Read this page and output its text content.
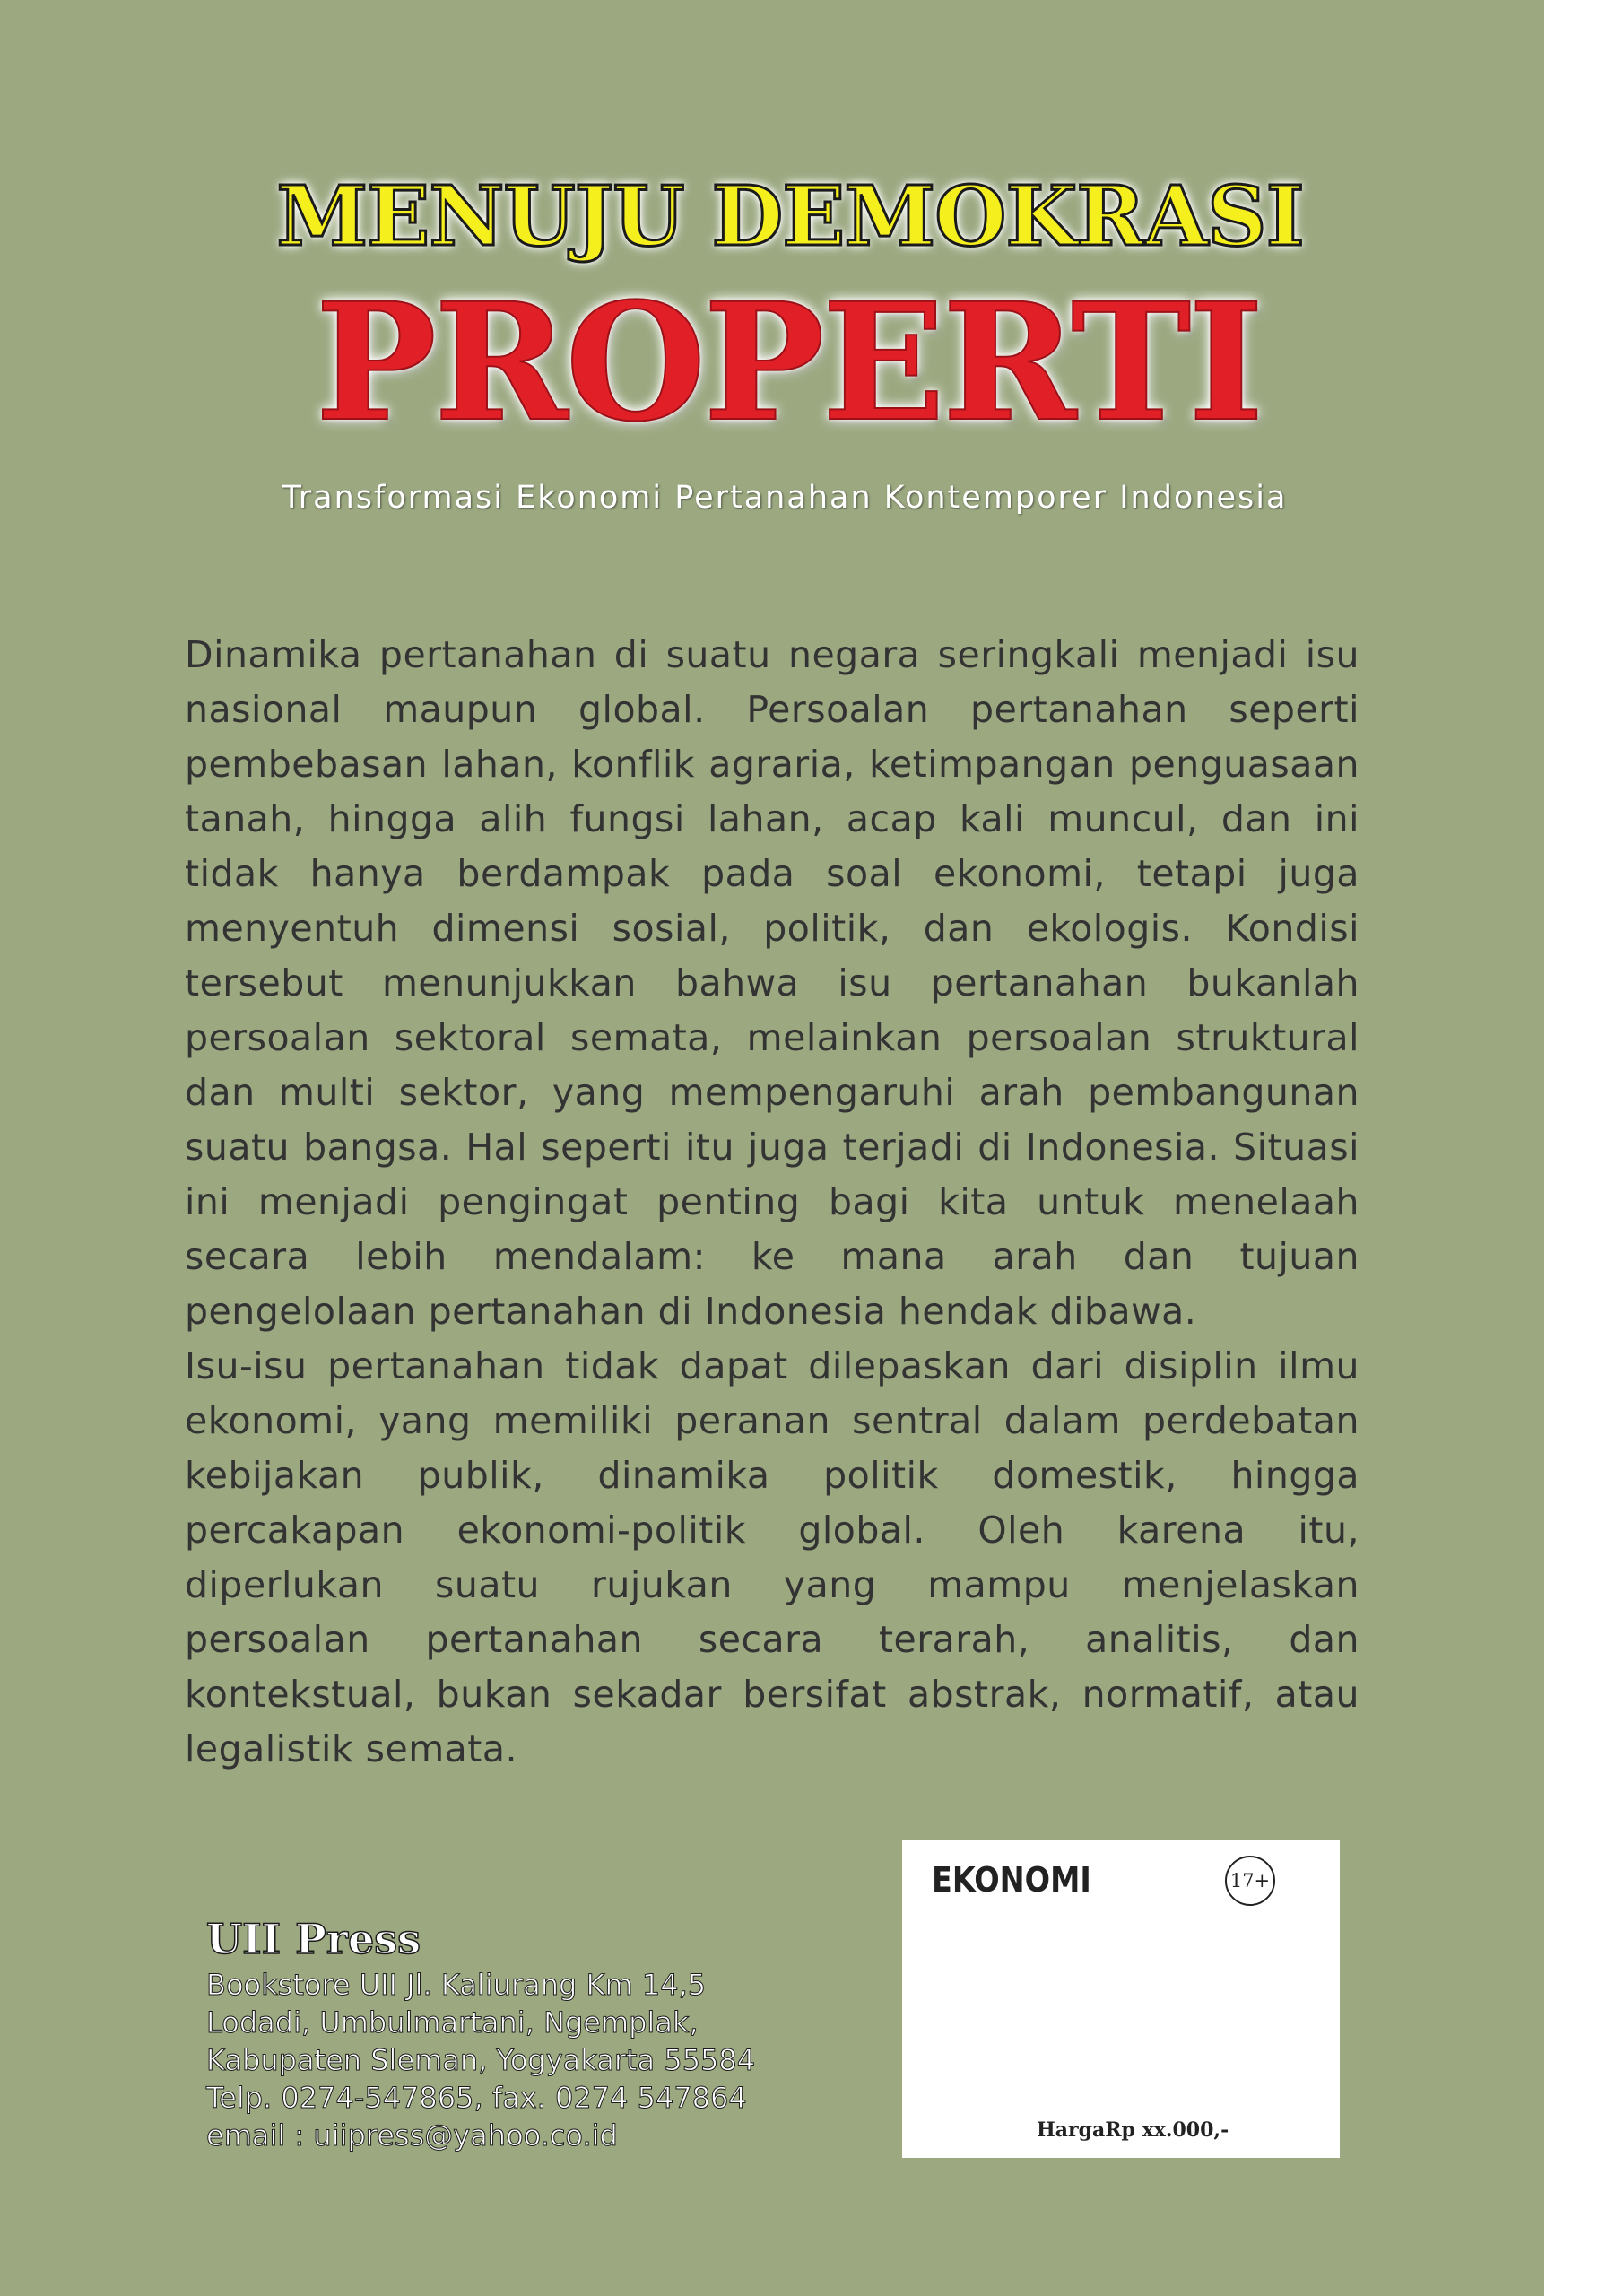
MENUJU DEMOKRASI
PROPERTI
Transformasi Ekonomi Pertanahan Kontemporer Indonesia

Dinamika pertanahan di suatu negara seringkali menjadi isu nasional maupun global. Persoalan pertanahan seperti pembebasan lahan, konflik agraria, ketimpangan penguasaan tanah, hingga alih fungsi lahan, acap kali muncul, dan ini tidak hanya berdampak pada soal ekonomi, tetapi juga menyentuh dimensi sosial, politik, dan ekologis. Kondisi tersebut menunjukkan bahwa isu pertanahan bukanlah persoalan sektoral semata, melainkan persoalan struktural dan multi sektor, yang mempengaruhi arah pembangunan suatu bangsa. Hal seperti itu juga terjadi di Indonesia. Situasi ini menjadi pengingat penting bagi kita untuk menelaah secara lebih mendalam: ke mana arah dan tujuan pengelolaan pertanahan di Indonesia hendak dibawa.

Isu-isu pertanahan tidak dapat dilepaskan dari disiplin ilmu ekonomi, yang memiliki peranan sentral dalam perdebatan kebijakan publik, dinamika politik domestik, hingga percakapan ekonomi-politik global. Oleh karena itu, diperlukan suatu rujukan yang mampu menjelaskan persoalan pertanahan secara terarah, analitis, dan kontekstual, bukan sekadar bersifat abstrak, normatif, atau legalistik semata.

UII Press
Bookstore UII Jl. Kaliurang Km 14,5
Lodadi, Umbulmartani, Ngemplak,
Kabupaten Sleman, Yogyakarta 55584
Telp. 0274-547865, fax. 0274 547864
email : uiipress@yahoo.co.id
EKONOMI	17+
HargaRp xx.000,-
